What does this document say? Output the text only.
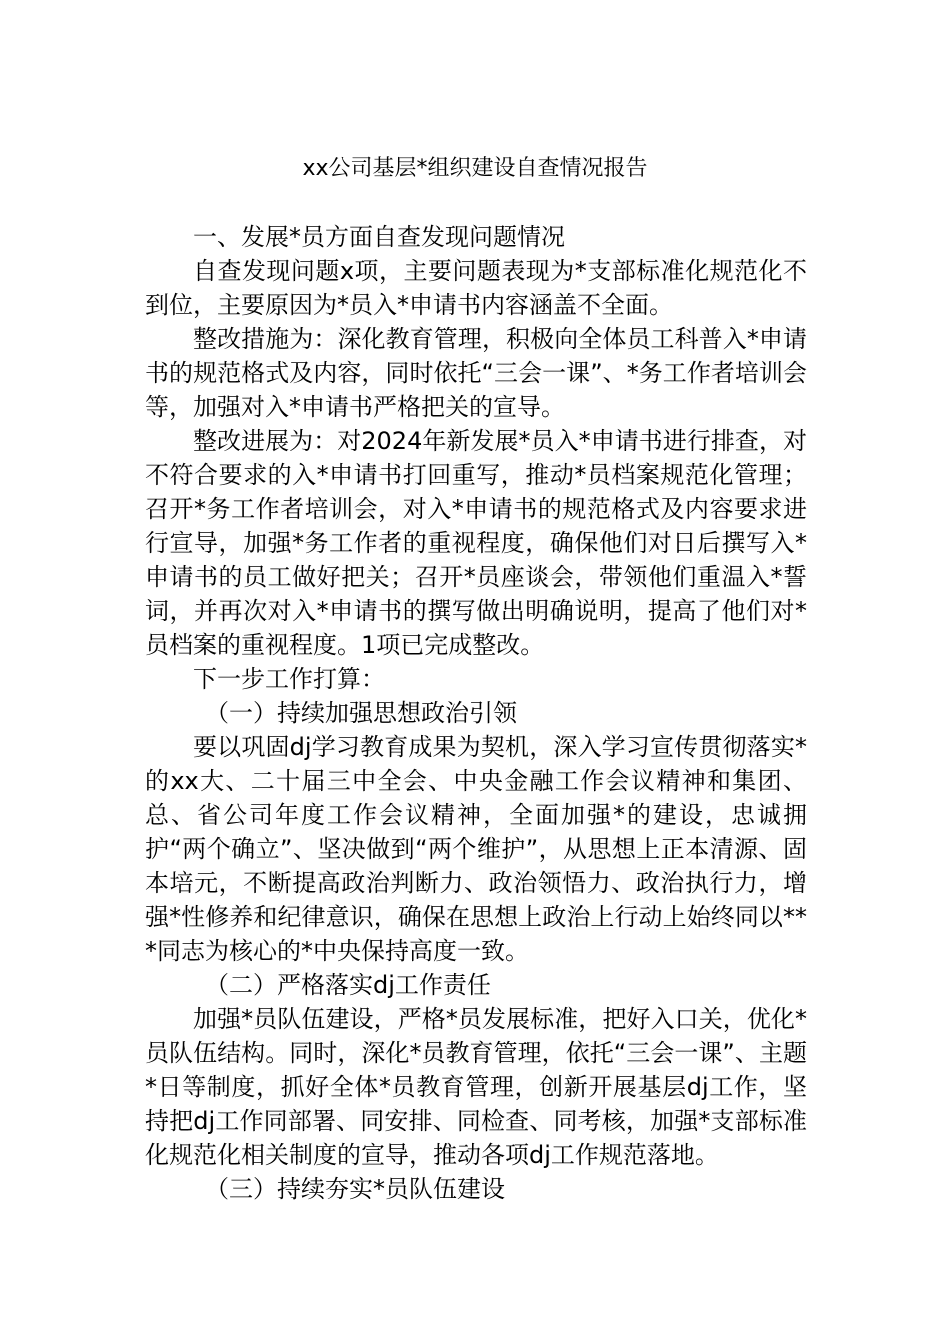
xx公司基层*组织建设自查情况报告

一、发展*员方面自查发现问题情况

自查发现问题x项，主要问题表现为*支部标准化规范化不到位，主要原因为*员入*申请书内容涵盖不全面。

整改措施为：深化教育管理，积极向全体员工科普入*申请书的规范格式及内容，同时依托“三会一课”、*务工作者培训会等，加强对入*申请书严格把关的宣导。

整改进展为：对2024年新发展*员入*申请书进行排查，对不符合要求的入*申请书打回重写，推动*员档案规范化管理；召开*务工作者培训会，对入*申请书的规范格式及内容要求进行宣导，加强*务工作者的重视程度，确保他们对日后撰写入*申请书的员工做好把关；召开*员座谈会，带领他们重温入*誓词，并再次对入*申请书的撰写做出明确说明，提高了他们对*员档案的重视程度。1项已完成整改。

下一步工作打算：

（一）持续加强思想政治引领

要以巩固dj学习教育成果为契机，深入学习宣传贯彻落实*的xx大、二十届三中全会、中央金融工作会议精神和集团、总、省公司年度工作会议精神，全面加强*的建设，忠诚拥护“两个确立”、坚决做到“两个维护”，从思想上正本清源、固本培元，不断提高政治判断力、政治领悟力、政治执行力，增强*性修养和纪律意识，确保在思想上政治上行动上始终同以***同志为核心的*中央保持高度一致。

（二）严格落实dj工作责任

加强*员队伍建设，严格*员发展标准，把好入口关，优化*员队伍结构。同时，深化*员教育管理，依托“三会一课”、主题*日等制度，抓好全体*员教育管理，创新开展基层dj工作，坚持把dj工作同部署、同安排、同检查、同考核，加强*支部标准化规范化相关制度的宣导，推动各项dj工作规范落地。

（三）持续夯实*员队伍建设
